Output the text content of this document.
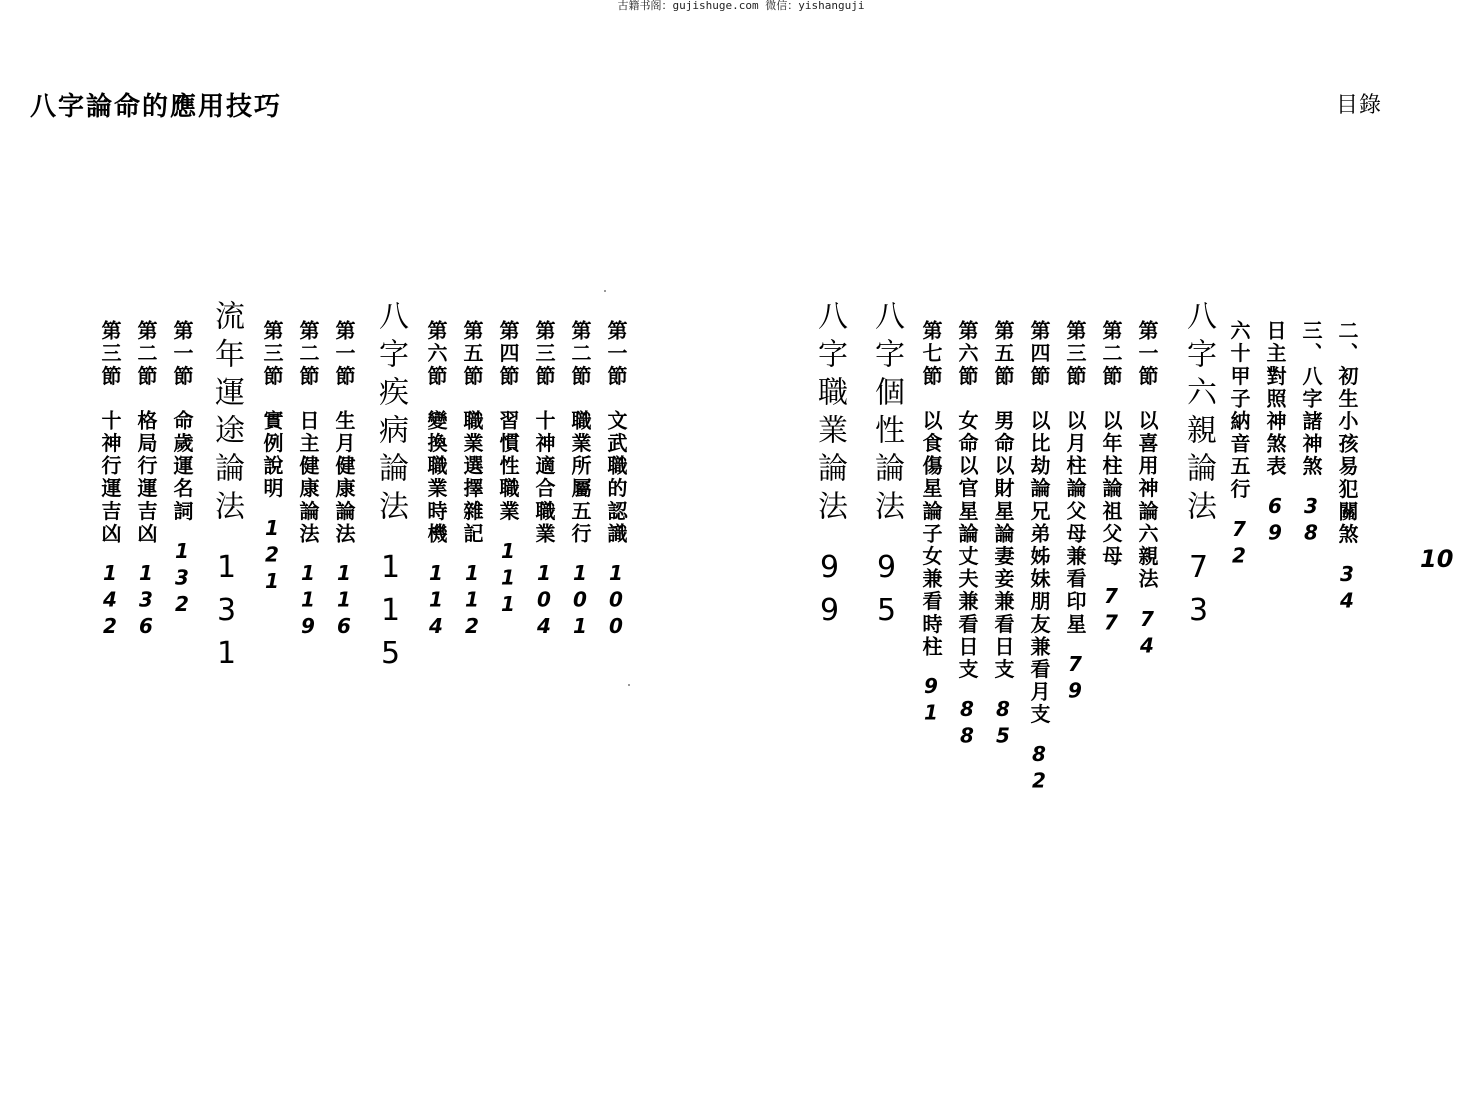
古籍书阁：gujishuge.com 微信：yishanguji
八字論命的應用技巧	目錄
10
二、初生小孩易犯關煞34
三、八字諸神煞38
日主對照神煞表69
六十甲子納音五行72
八字六親論法73
第一節以喜用神論六親法74
第二節以年柱論祖父母77
第三節以月柱論父母兼看印星79
第四節以比劫論兄弟姊妹朋友兼看月支82
第五節男命以財星論妻妾兼看日支85
第六節女命以官星論丈夫兼看日支88
第七節以食傷星論子女兼看時柱91
八字個性論法95
八字職業論法99
第一節文武職的認識100
第二節職業所屬五行101
第三節十神適合職業104
第四節習慣性職業111
第五節職業選擇雜記112
第六節變換職業時機114
八字疾病論法115
第一節生月健康論法116
第二節日主健康論法119
第三節實例說明121
流年運途論法131
第一節命歲運名詞132
第二節格局行運吉凶136
第三節十神行運吉凶142
